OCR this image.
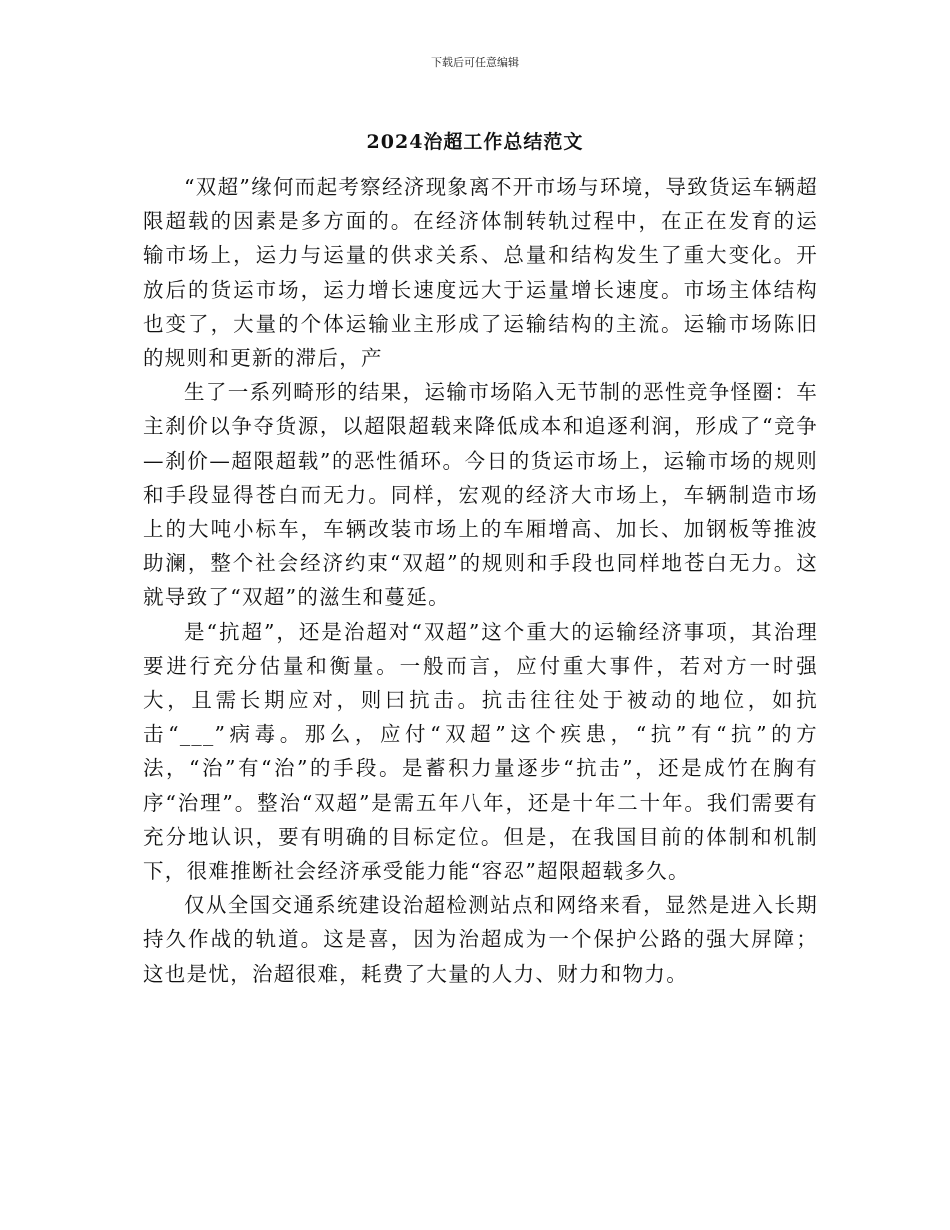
下载后可任意编辑
2024治超工作总结范文

“双超”缘何而起考察经济现象离不开市场与环境，导致货运车辆超限超载的因素是多方面的。在经济体制转轨过程中，在正在发育的运输市场上，运力与运量的供求关系、总量和结构发生了重大变化。开放后的货运市场，运力增长速度远大于运量增长速度。市场主体结构也变了，大量的个体运输业主形成了运输结构的主流。运输市场陈旧的规则和更新的滞后，产

生了一系列畸形的结果，运输市场陷入无节制的恶性竞争怪圈：车主刹价以争夺货源，以超限超载来降低成本和追逐利润，形成了“竞争—刹价—超限超载”的恶性循环。今日的货运市场上，运输市场的规则和手段显得苍白而无力。同样，宏观的经济大市场上，车辆制造市场上的大吨小标车，车辆改装市场上的车厢增高、加长、加钢板等推波助澜，整个社会经济约束“双超”的规则和手段也同样地苍白无力。这就导致了“双超”的滋生和蔓延。

是“抗超”，还是治超对“双超”这个重大的运输经济事项，其治理要进行充分估量和衡量。一般而言，应付重大事件，若对方一时强大，且需长期应对，则曰抗击。抗击往往处于被动的地位，如抗击“___”病毒。那么，应付“双超”这个疾患，“抗”有“抗”的方法，“治”有“治”的手段。是蓄积力量逐步“抗击”，还是成竹在胸有序“治理”。整治“双超”是需五年八年，还是十年二十年。我们需要有充分地认识，要有明确的目标定位。但是，在我国目前的体制和机制下，很难推断社会经济承受能力能“容忍”超限超载多久。

仅从全国交通系统建设治超检测站点和网络来看，显然是进入长期持久作战的轨道。这是喜，因为治超成为一个保护公路的强大屏障；这也是忧，治超很难，耗费了大量的人力、财力和物力。
